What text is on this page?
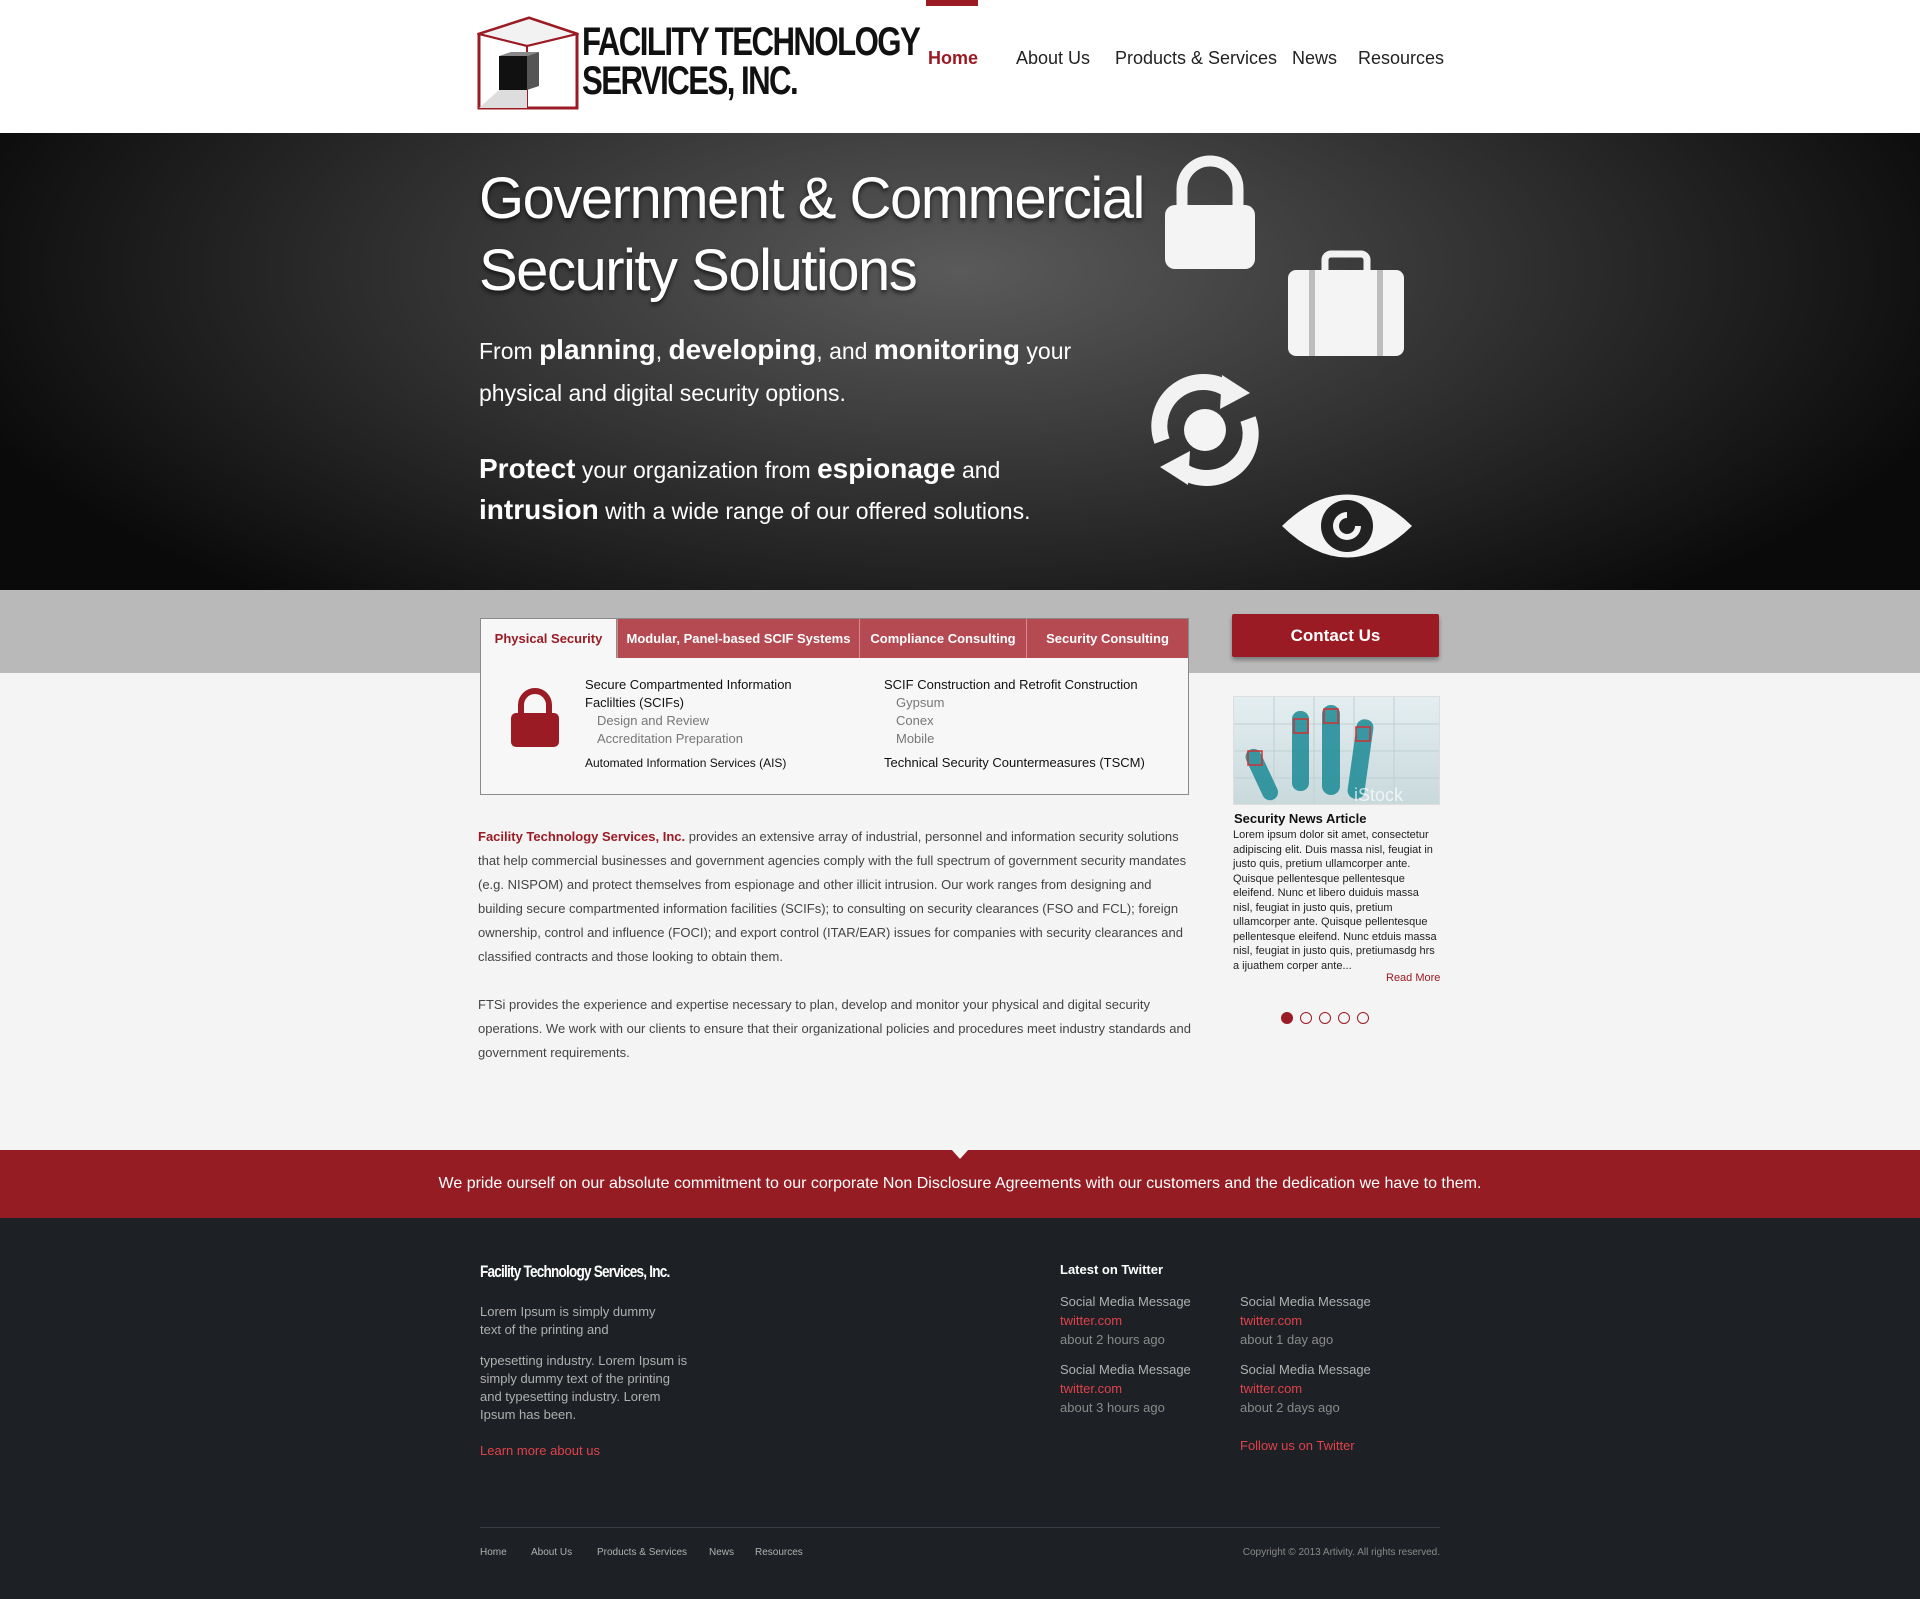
FACILITY TECHNOLOGY
SERVICES, INC.
Home About Us Products & Services News Resources
Government & Commercial
Security Solutions
From planning, developing, and monitoring your physical and digital security options.
Protect your organization from espionage and intrusion with a wide range of our offered solutions.
Physical Security	Modular, Panel-based SCIF Systems	Compliance Consulting	Security Consulting
Secure Compartmented Information Faclilties (SCIFs)
Design and Review
Accreditation Preparation
Automated Information Services (AIS)
SCIF Construction and Retrofit Construction
Gypsum
Conex
Mobile
Technical Security Countermeasures (TSCM)
Contact Us
iStock
Security News Article
Lorem ipsum dolor sit amet, consectetur adipiscing elit. Duis massa nisl, feugiat in justo quis, pretium ullamcorper ante. Quisque pellentesque pellentesque eleifend. Nunc et libero duiduis massa nisl, feugiat in justo quis, pretium ullamcorper ante. Quisque pellentesque pellentesque eleifend. Nunc etduis massa nisl, feugiat in justo quis, pretiumasdg hrs a ijuathem corper ante...
Read More

Facility Technology Services, Inc. provides an extensive array of industrial, personnel and information security solutions that help commercial businesses and government agencies comply with the full spectrum of government security mandates (e.g. NISPOM) and protect themselves from espionage and other illicit intrusion. Our work ranges from designing and building secure compartmented information facilities (SCIFs); to consulting on security clearances (FSO and FCL); foreign ownership, control and influence (FOCI); and export control (ITAR/EAR) issues for companies with security clearances and classified contracts and those looking to obtain them.

FTSi provides the experience and expertise necessary to plan, develop and monitor your physical and digital security operations. We work with our clients to ensure that their organizational policies and procedures meet industry standards and government requirements.

We pride ourself on our absolute commitment to our corporate Non Disclosure Agreements with our customers and the dedication we have to them.
Facility Technology Services, Inc.
Lorem Ipsum is simply dummy text of the printing and
typesetting industry. Lorem Ipsum is simply dummy text of the printing and typesetting industry. Lorem Ipsum has been.
Learn more about us
Latest on Twitter
Social Media Message
twitter.com
about 2 hours ago
Social Media Message
twitter.com
about 1 day ago
Social Media Message
twitter.com
about 3 hours ago
Social Media Message
twitter.com
about 2 days ago
Follow us on Twitter
Home About Us Products & Services News Resources	Copyright © 2013 Artivity. All rights reserved.
